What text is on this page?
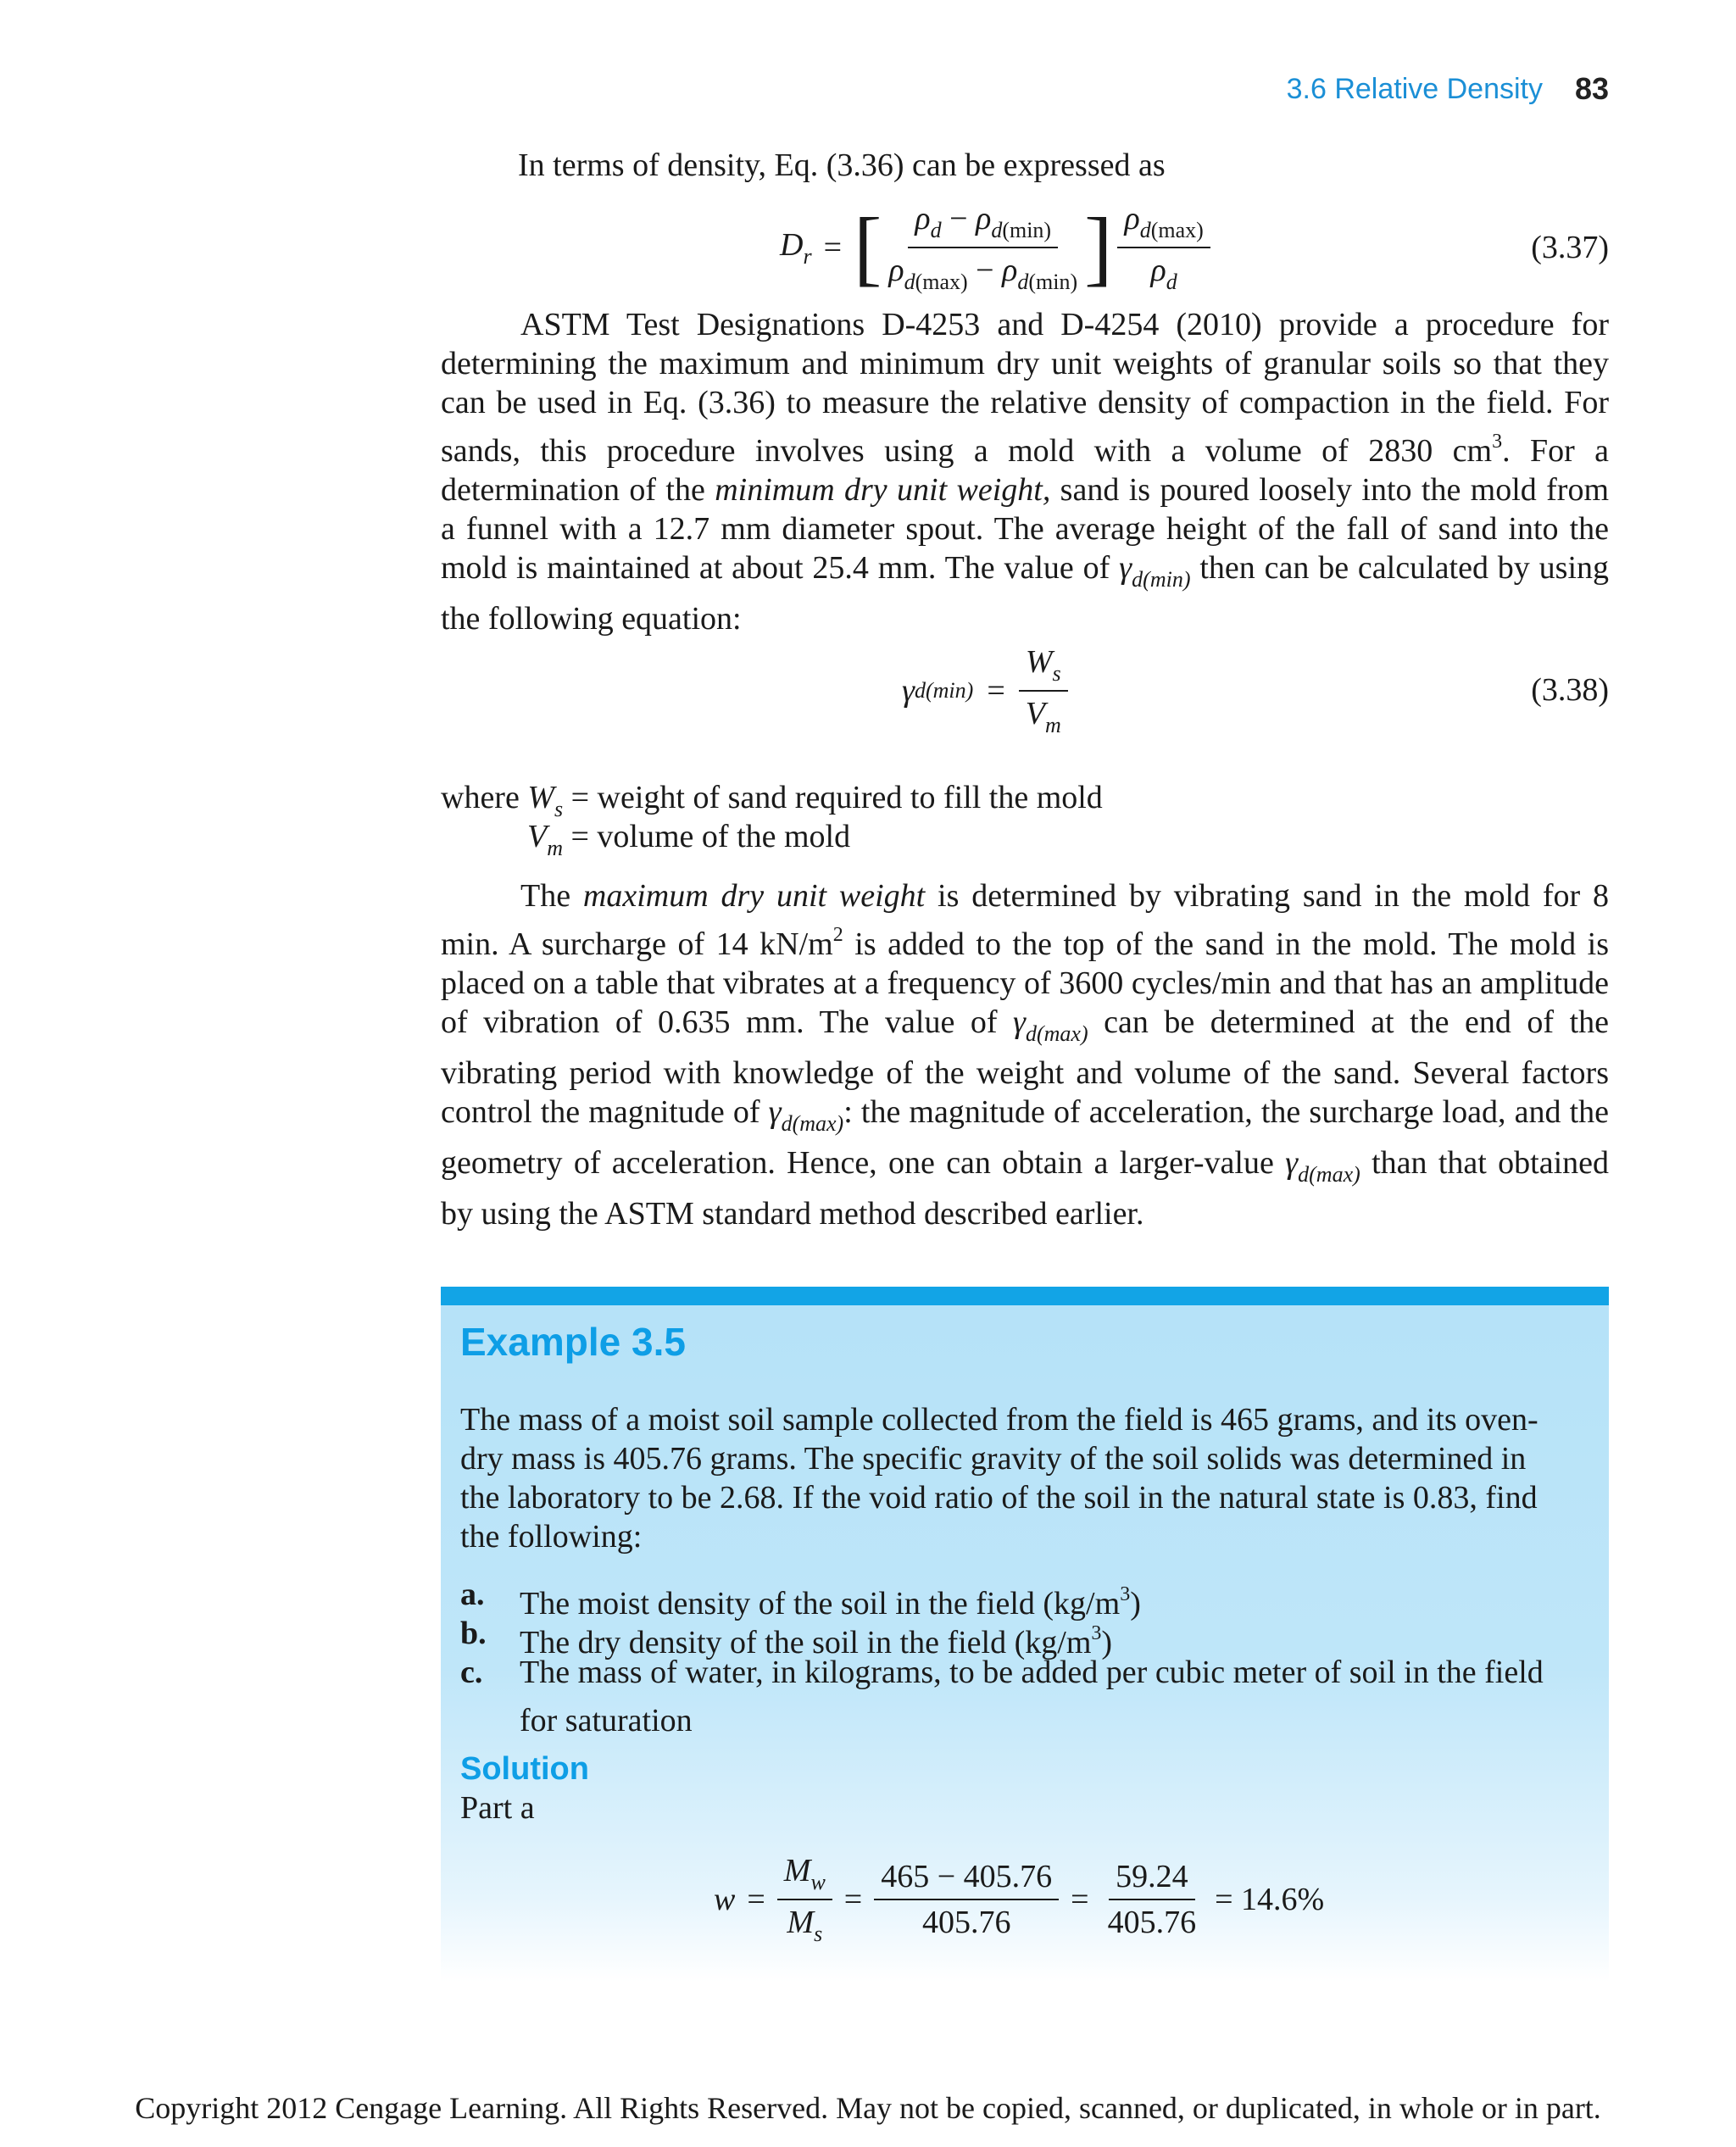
3.6 Relative Density	83
In terms of density, Eq. (3.36) can be expressed as
$D_r$ = [ $\frac{\rho_d - \rho_{d(min)}}{\rho_{d(max)} - \rho_{d(min)}}$ ] $\frac{\rho_{d(max)}}{\rho_d}$	(3.37)
ASTM Test Designations D-4253 and D-4254 (2010) provide a procedure for determining the maximum and minimum dry unit weights of granular soils so that they can be used in Eq. (3.36) to measure the relative density of compaction in the field. For sands, this procedure involves using a mold with a volume of 2830 $cm^3$. For a determination of the minimum dry unit weight, sand is poured loosely into the mold from a funnel with a 12.7 mm diameter spout. The average height of the fall of sand into the mold is maintained at about 25.4 mm. The value of $\gamma_{d(min)}$ then can be calculated by using the following equation:
γ $d(\min) = \frac{W_s}{V_m}$	(3.38)
where $W_s$ = weight of sand required to fill the mold
$V_m$ = volume of the mold
The maximum dry unit weight is determined by vibrating sand in the mold for 8 min. A surcharge of 14 $kN/m^2$ is added to the top of the sand in the mold. The mold is placed on a table that vibrates at a frequency of 3600 cycles/min and that has an amplitude of vibration of 0.635 mm. The value of $\gamma_{d(max)}$ can be determined at the end of the vibrating period with knowledge of the weight and volume of the sand. Several factors control the magnitude of $\gamma_{d(max)}$: the magnitude of acceleration, the surcharge load, and the geometry of acceleration. Hence, one can obtain a larger-value $\gamma_{d(max)}$ than that obtained by using the ASTM standard method described earlier.
Example 3.5
The mass of a moist soil sample collected from the field is 465 grams, and its oven-dry mass is 405.76 grams. The specific gravity of the soil solids was determined in the laboratory to be 2.68. If the void ratio of the soil in the natural state is 0.83, find the following:
a. The moist density of the soil in the field $(kg/m^3)$
b. The dry density of the soil in the field $(kg/m^3)$
c. The mass of water, in kilograms, to be added per cubic meter of soil in the field for saturation
Solution
Part a
$w = \frac{M_w}{M_s} = \frac{465 - 405.76}{405.76} = \frac{59.24}{405.76} = 14.6\%$
Copyright 2012 Cengage Learning. All Rights Reserved. May not be copied, scanned, or duplicated, in whole or in part.
